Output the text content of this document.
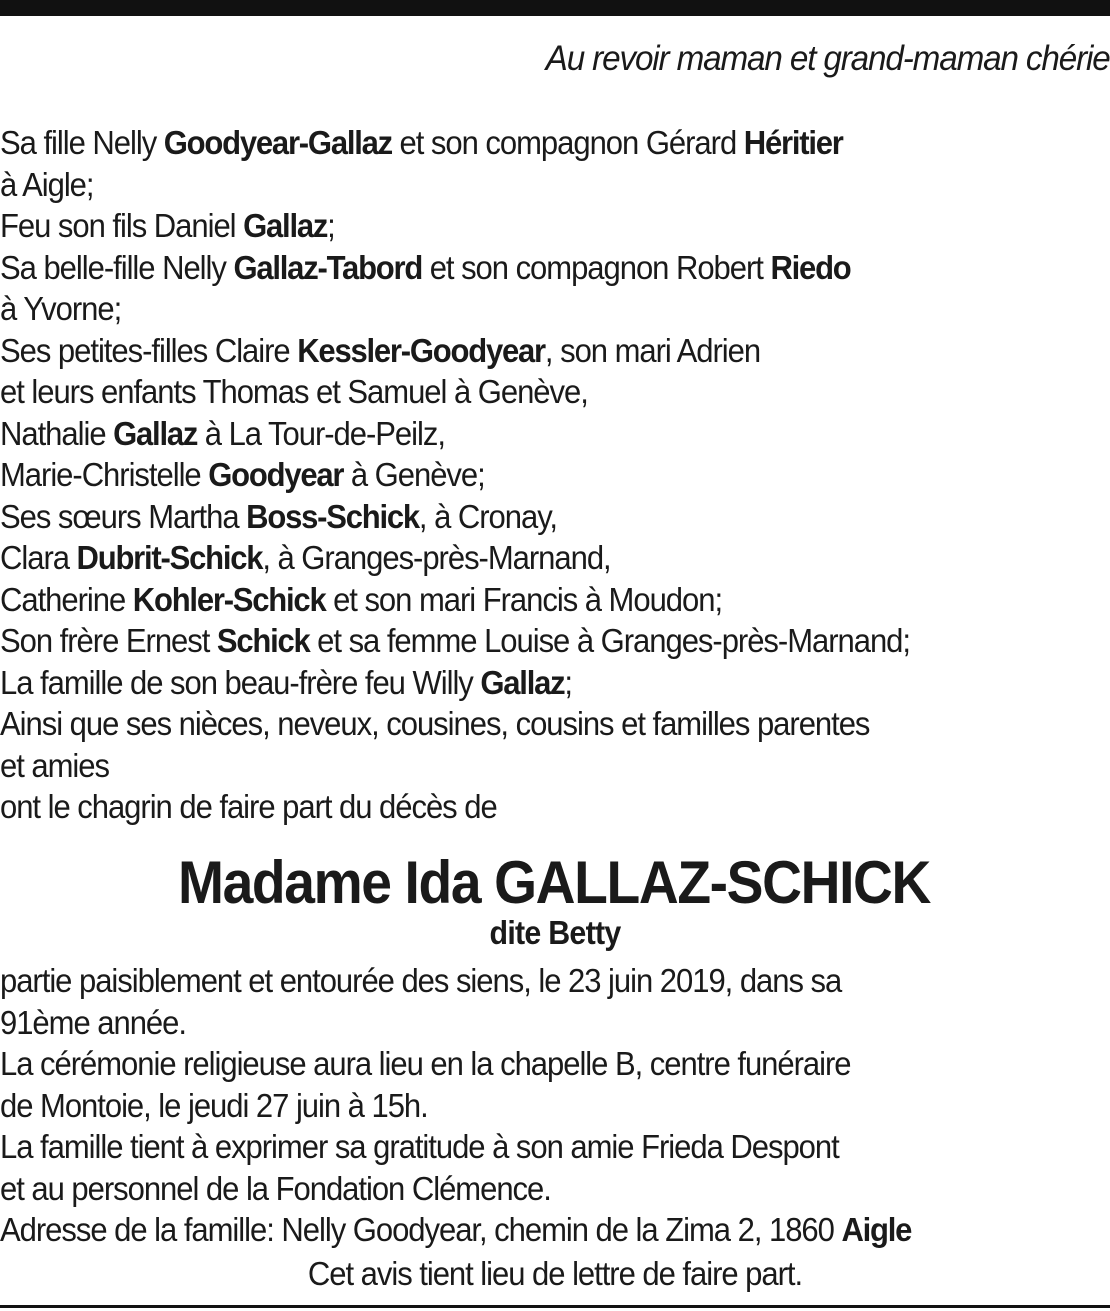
Au revoir maman et grand-maman chérie
Sa fille Nelly Goodyear-Gallaz et son compagnon Gérard Héritier
à Aigle;
Feu son fils Daniel Gallaz;
Sa belle-fille Nelly Gallaz-Tabord et son compagnon Robert Riedo
à Yvorne;
Ses petites-filles Claire Kessler-Goodyear, son mari Adrien
et leurs enfants Thomas et Samuel à Genève,
Nathalie Gallaz à La Tour-de-Peilz,
Marie-Christelle Goodyear à Genève;
Ses sœurs Martha Boss-Schick, à Cronay,
Clara Dubrit-Schick, à Granges-près-Marnand,
Catherine Kohler-Schick et son mari Francis à Moudon;
Son frère Ernest Schick et sa femme Louise à Granges-près-Marnand;
La famille de son beau-frère feu Willy Gallaz;
Ainsi que ses nièces, neveux, cousines, cousins et familles parentes
et amies
ont le chagrin de faire part du décès de
Madame Ida GALLAZ-SCHICK
dite Betty
partie paisiblement et entourée des siens, le 23 juin 2019, dans sa
91ème année.
La cérémonie religieuse aura lieu en la chapelle B, centre funéraire
de Montoie, le jeudi 27 juin à 15h.
La famille tient à exprimer sa gratitude à son amie Frieda Despont
et au personnel de la Fondation Clémence.
Adresse de la famille: Nelly Goodyear, chemin de la Zima 2, 1860 Aigle
Cet avis tient lieu de lettre de faire part.
